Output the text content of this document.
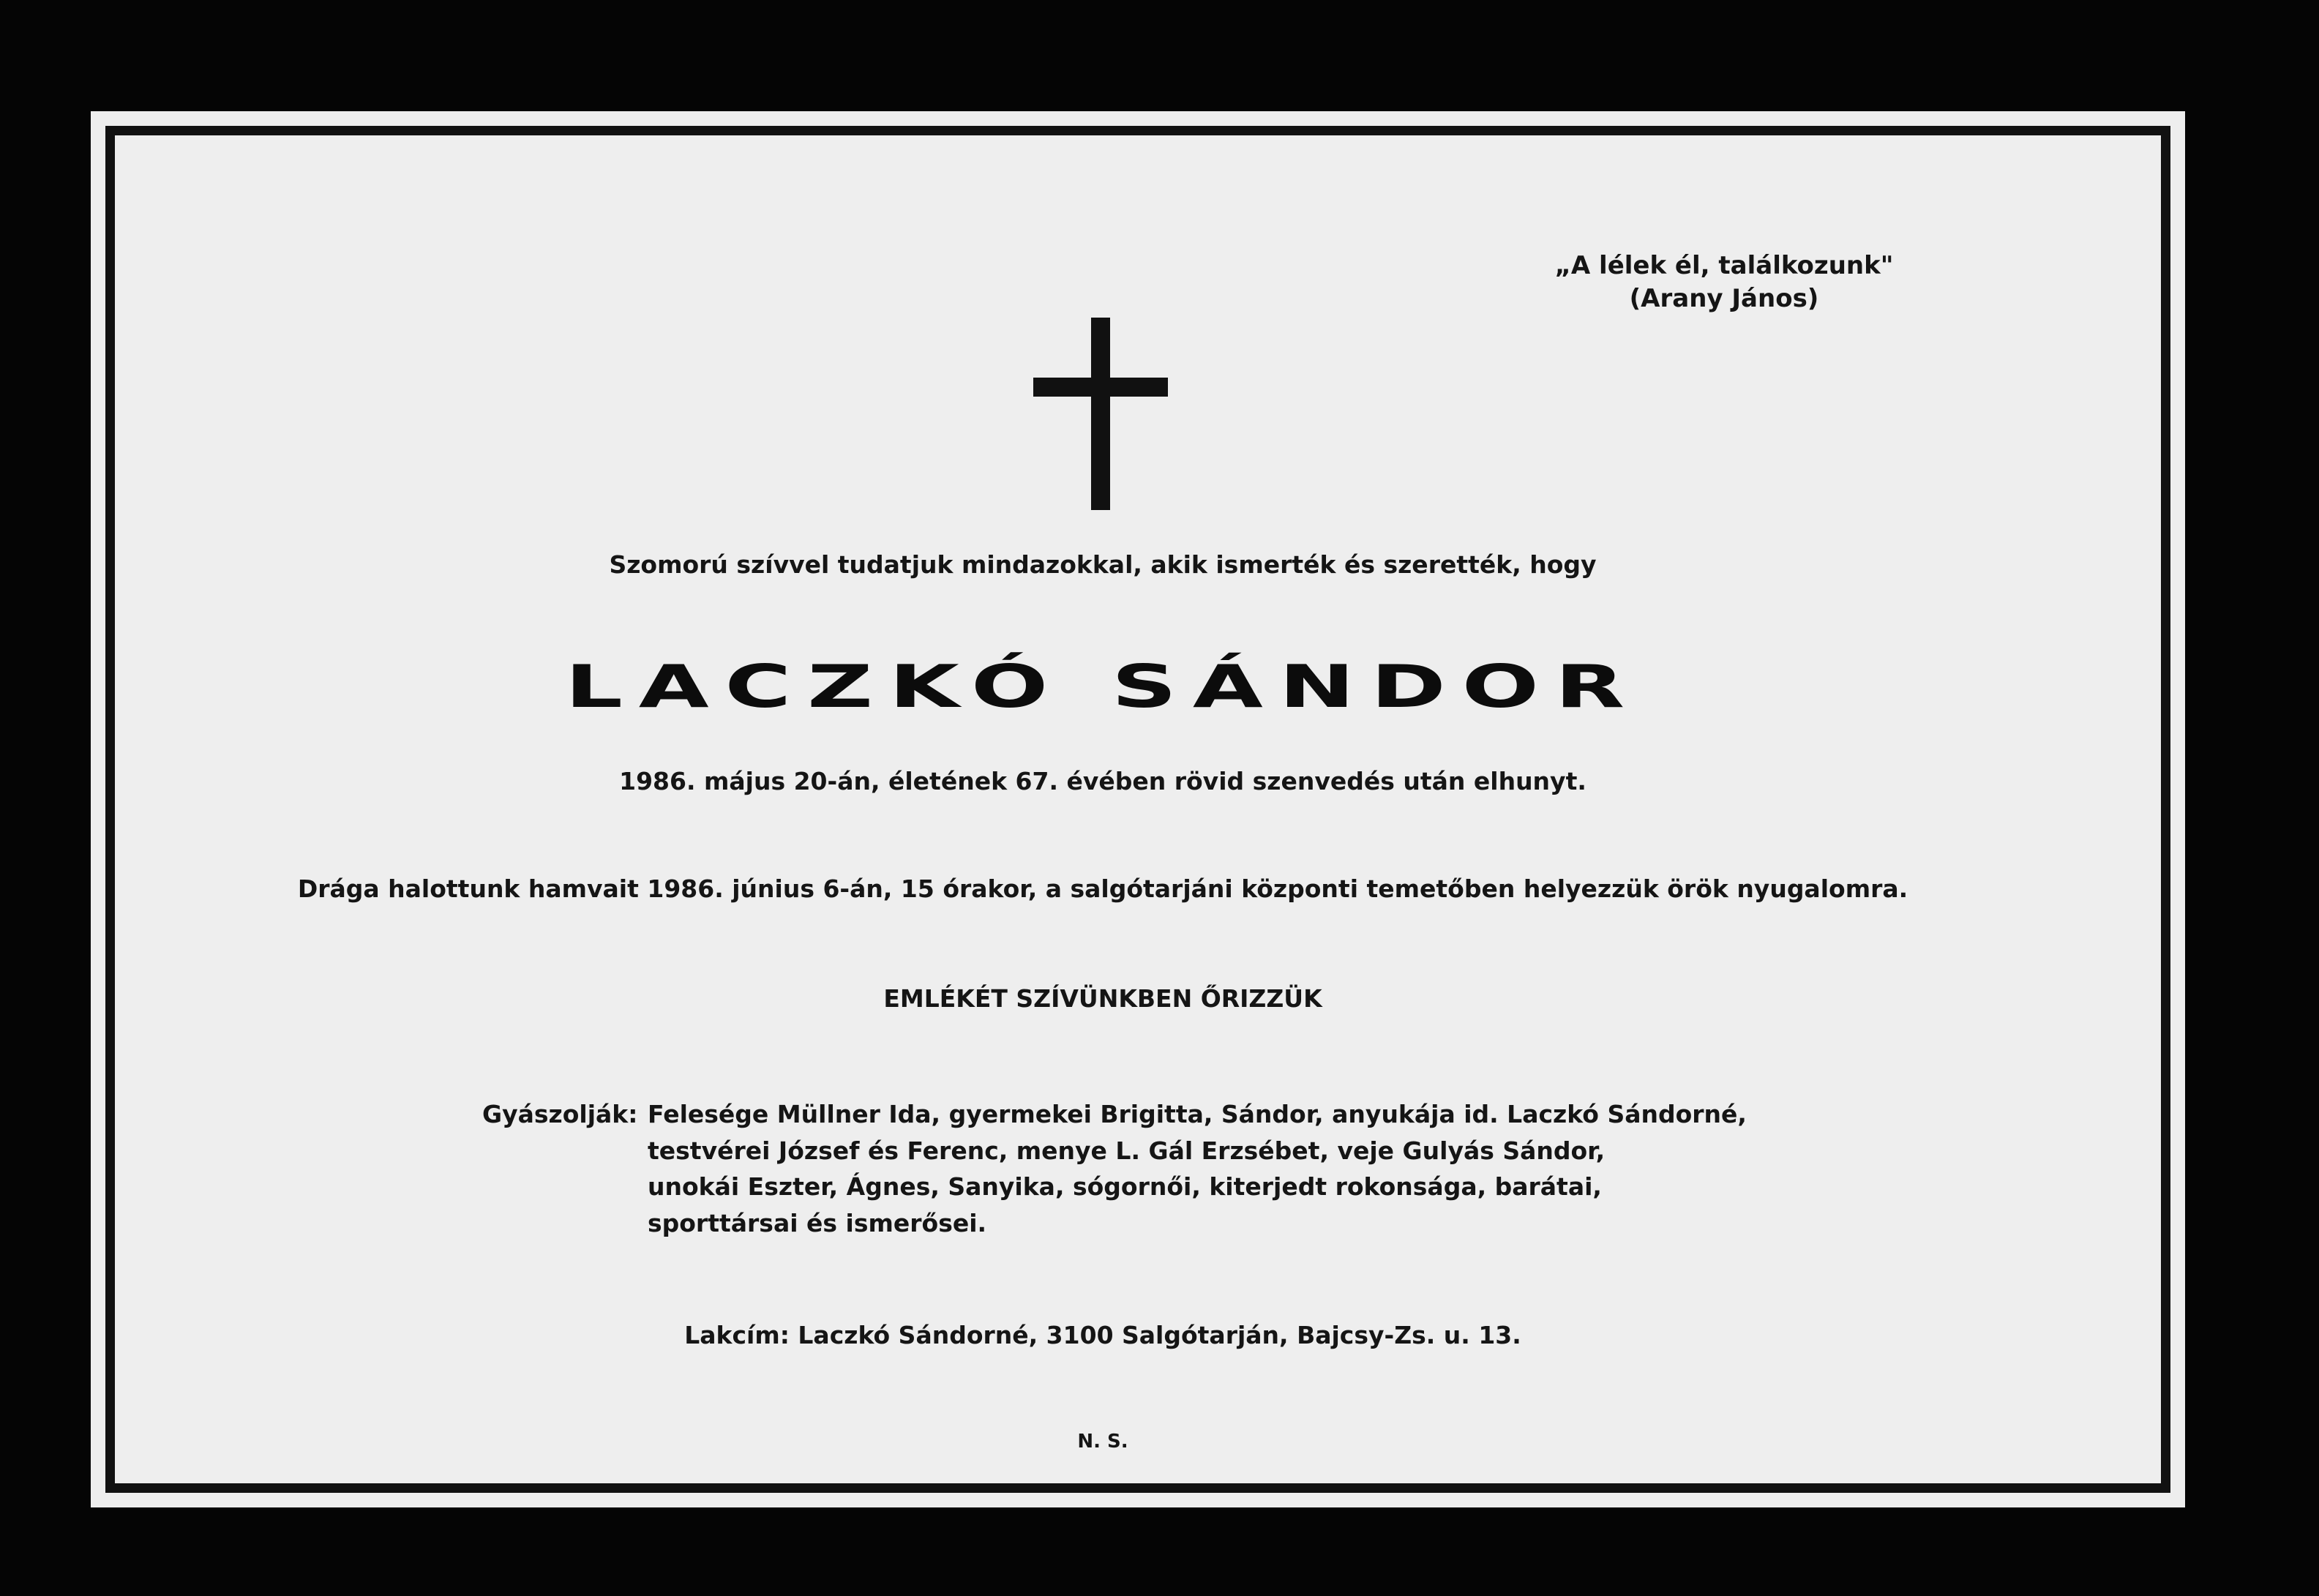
„A lélek él, találkozunk"
(Arany János)
Szomorú szívvel tudatjuk mindazokkal, akik ismerték és szerették, hogy
LACZKÓ SÁNDOR
1986. május 20-án, életének 67. évében rövid szenvedés után elhunyt.
Drága halottunk hamvait 1986. június 6-án, 15 órakor, a salgótarjáni központi temetőben helyezzük örök nyugalomra.
EMLÉKÉT SZÍVÜNKBEN ŐRIZZÜK
Gyászolják: Felesége Müllner Ida, gyermekei Brigitta, Sándor, anyukája id. Laczkó Sándorné,
testvérei József és Ferenc, menye L. Gál Erzsébet, veje Gulyás Sándor,
unokái Eszter, Ágnes, Sanyika, sógornői, kiterjedt rokonsága, barátai,
sporttársai és ismerősei.
Lakcím: Laczkó Sándorné, 3100 Salgótarján, Bajcsy-Zs. u. 13.
N. S.
